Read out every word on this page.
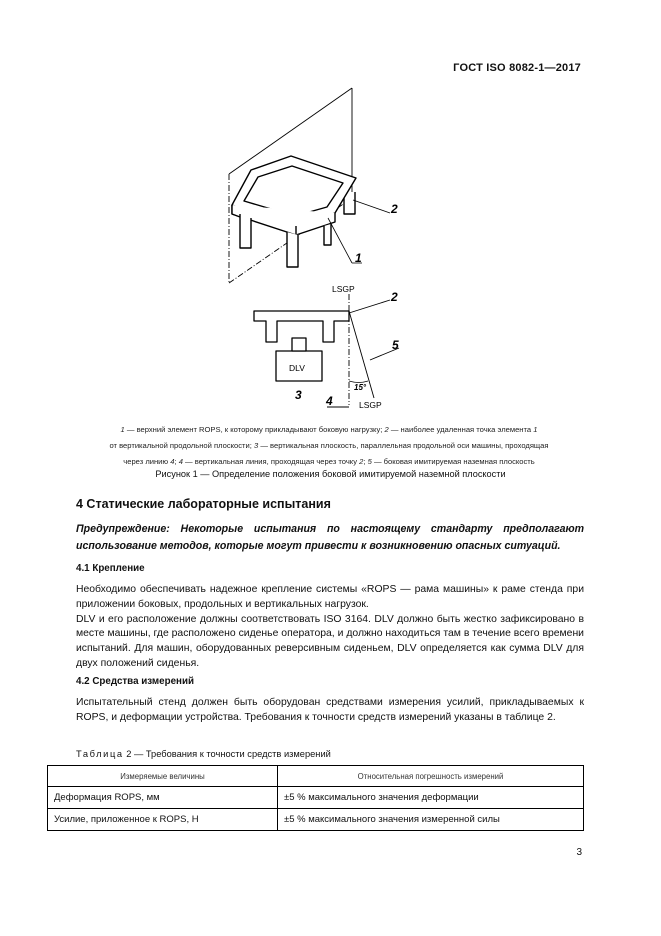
ГОСТ ISO 8082-1—2017
2
1
LSGP
2
5
DLV
15°
3 4	LSGP
1 — верхний элемент ROPS, к которому прикладывают боковую нагрузку; 2 — наиболее удаленная точка элемента 1
от вертикальной продольной плоскости; 3 — вертикальная плоскость, параллельная продольной оси машины, проходящая
через линию 4; 4 — вертикальная линия, проходящая через точку 2; 5 — боковая имитируемая наземная плоскость
Рисунок 1 — Определение положения боковой имитируемой наземной плоскости
4 Статические лабораторные испытания
Предупреждение: Некоторые испытания по настоящему стандарту предполагают использование методов, которые могут привести к возникновению опасных ситуаций.
4.1 Крепление

Необходимо обеспечивать надежное крепление системы «ROPS — рама машины» к раме стенда при приложении боковых, продольных и вертикальных нагрузок.

DLV и его расположение должны соответствовать ISO 3164. DLV должно быть жестко зафиксировано в месте машины, где расположено сиденье оператора, и должно находиться там в течение всего времени испытаний. Для машин, оборудованных реверсивным сиденьем, DLV определяется как сумма DLV для двух положений сиденья.

4.2 Средства измерений

Испытательный стенд должен быть оборудован средствами измерения усилий, прикладываемых к ROPS, и деформации устройства. Требования к точности средств измерений указаны в таблице 2.

Таблица 2 — Требования к точности средств измерений
Измеряемые величины	Относительная погрешность измерений
Деформация ROPS, мм	±5 % максимального значения деформации
Усилие, приложенное к ROPS, Н	±5 % максимального значения измеренной силы
3
